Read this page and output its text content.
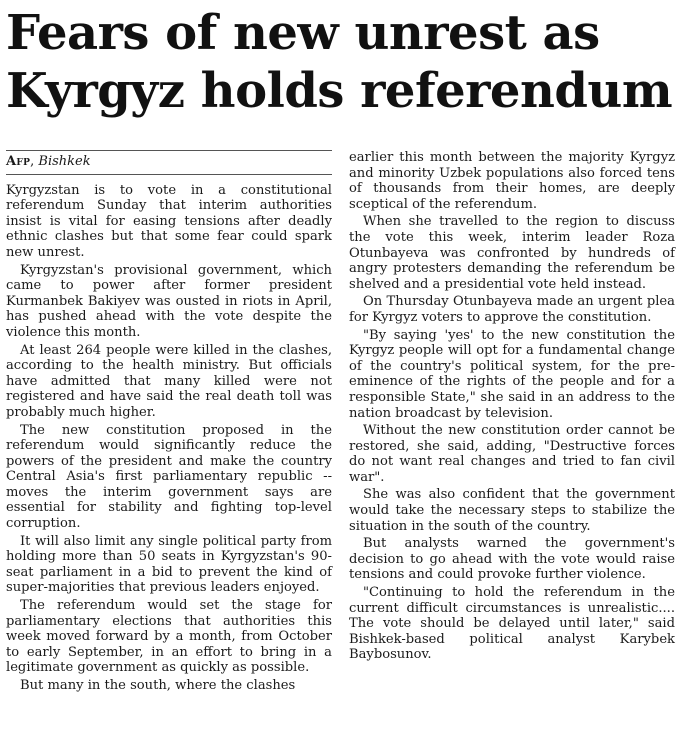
Fears of new unrest as Kyrgyz holds referendum
Afp, Bishkek

Kyrgyzstan is to vote in a constitutional referendum Sunday that interim authorities insist is vital for easing tensions after deadly ethnic clashes but that some fear could spark new unrest.

Kyrgyzstan's provisional government, which came to power after former president Kurmanbek Bakiyev was ousted in riots in April, has pushed ahead with the vote despite the violence this month.

At least 264 people were killed in the clashes, according to the health ministry. But officials have admitted that many killed were not registered and have said the real death toll was probably much higher.

The new constitution proposed in the referendum would significantly reduce the powers of the president and make the country Central Asia's first parliamentary republic -- moves the interim government says are essential for stability and fighting top-level corruption.

It will also limit any single political party from holding more than 50 seats in Kyrgyzstan's 90-seat parliament in a bid to prevent the kind of super-majorities that previous leaders enjoyed.

The referendum would set the stage for parliamentary elections that authorities this week moved forward by a month, from October to early September, in an effort to bring in a legitimate government as quickly as possible.

But many in the south, where the clashes

earlier this month between the majority Kyrgyz and minority Uzbek populations also forced tens of thousands from their homes, are deeply sceptical of the referendum.

When she travelled to the region to discuss the vote this week, interim leader Roza Otunbayeva was confronted by hundreds of angry protesters demanding the referendum be shelved and a presidential vote held instead.

On Thursday Otunbayeva made an urgent plea for Kyrgyz voters to approve the constitution.

"By saying 'yes' to the new constitution the Kyrgyz people will opt for a fundamental change of the country's political system, for the pre-eminence of the rights of the people and for a responsible State," she said in an address to the nation broadcast by television.

Without the new constitution order cannot be restored, she said, adding, "Destructive forces do not want real changes and tried to fan civil war".

She was also confident that the government would take the necessary steps to stabilize the situation in the south of the country.

But analysts warned the government's decision to go ahead with the vote would raise tensions and could provoke further violence.

"Continuing to hold the referendum in the current difficult circumstances is unrealistic.... The vote should be delayed until later," said Bishkek-based political analyst Karybek Baybosunov.
